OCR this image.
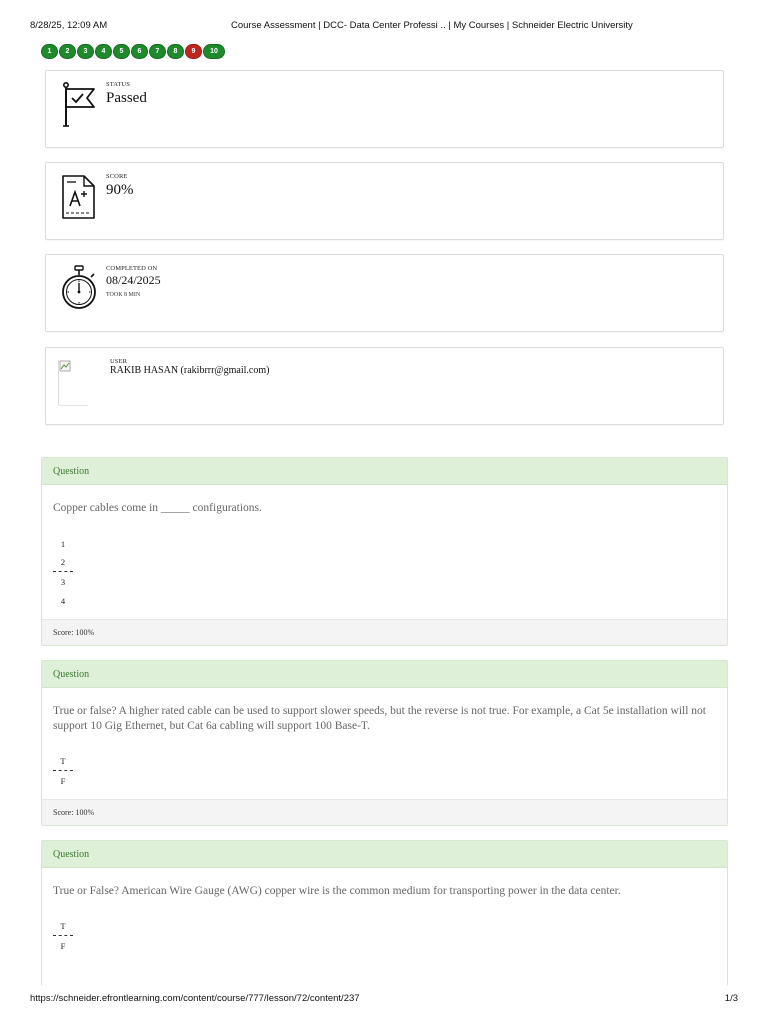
8/28/25, 12:09 AM	Course Assessment | DCC- Data Center Professi .. | My Courses | Schneider Electric University
1	2	3	4	5	6	7	8	9	10
STATUS
Passed
SCORE
90%
COMPLETED ON
08/24/2025
TOOK 8 MIN
USER
RAKIB HASAN (rakibrrr@gmail.com)
Question
Copper cables come in _____ configurations.
1
2
3
4
Score: 100%
Question
True or false? A higher rated cable can be used to support slower speeds, but the reverse is not true. For example, a Cat 5e installation will not support 10 Gig Ethernet, but Cat 6a cabling will support 100 Base-T.
T
F
Score: 100%
Question
True or False? American Wire Gauge (AWG) copper wire is the common medium for transporting power in the data center.
T
F
https://schneider.efrontlearning.com/content/course/777/lesson/72/content/237	1/3
